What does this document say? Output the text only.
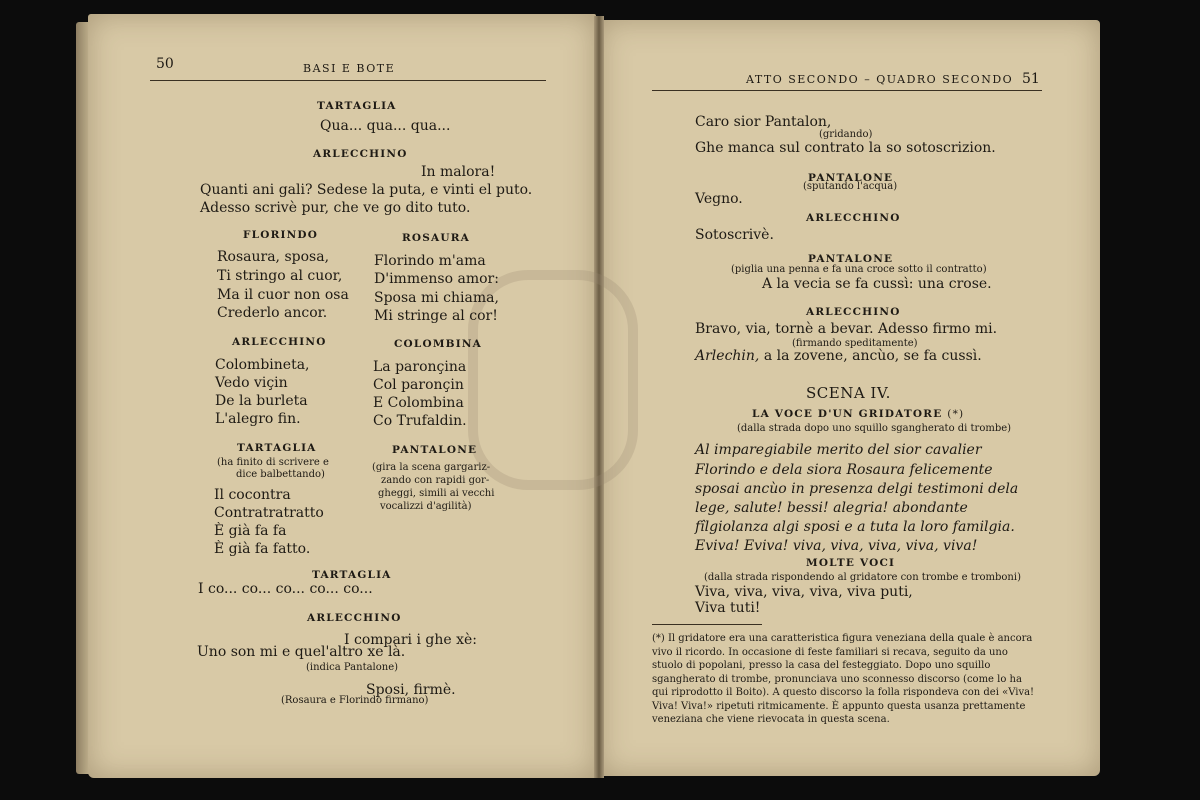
50	BASI E BOTE
TARTAGLIA
Qua... qua... qua...
ARLECCHINO
In malora!
Quanti ani gali? Sedese la puta, e vinti el puto.
Adesso scrivè pur, che ve go dito tuto.
FLORINDO
Rosaura, sposa,
Ti stringo al cuor,
Ma il cuor non osa
Crederlo ancor.
ROSAURA
Florindo m'ama
D'immenso amor:
Sposa mi chiama,
Mi stringe al cor!
ARLECCHINO
Colombineta,
Vedo viçin
De la burleta
L'alegro fin.
COLOMBINA
La paronçina
Col paronçin
E Colombina
Co Trufaldin.
TARTAGLIA
(ha finito di scrivere e
dice balbettando)
Il cocontra
Contratratratto
È già fa fa
È già fa fatto.
PANTALONE
(gira la scena gargariz-
zando con rapidi gor-
gheggi, simili ai vecchi
vocalizzi d'agilità)
TARTAGLIA
I co... co... co... co... co...
ARLECCHINO
I compari i ghe xè:
Uno son mi e quel'altro xe là.
(indica Pantalone)
Sposi, firmè.
(Rosaura e Florindo firmano)
ATTO SECONDO – QUADRO SECONDO 51
Caro sior Pantalon,
(gridando)
Ghe manca sul contrato la so sotoscrizion.
PANTALONE
(sputando l'acqua)
Vegno.
ARLECCHINO
Sotoscrivè.
PANTALONE
(piglia una penna e fa una croce sotto il contratto)
A la vecia se fa cussì: una crose.
ARLECCHINO
Bravo, via, tornè a bevar. Adesso firmo mi.
(firmando speditamente)
Arlechin, a la zovene, ancùo, se fa cussì.
SCENA IV.
LA VOCE D'UN GRIDATORE (*)
(dalla strada dopo uno squillo sgangherato di trombe)
Al imparegiabile merito del sior cavalier
Florindo e dela siora Rosaura felicemente
sposai ancùo in presenza delgi testimoni dela
lege, salute! bessi! alegria! abondante
fîlgiolanza algi sposi e a tuta la loro familgia.
Eviva! Eviva! viva, viva, viva, viva, viva!
MOLTE VOCI
(dalla strada rispondendo al gridatore con trombe e tromboni)
Viva, viva, viva, viva, viva puti,
Viva tuti!
(*) Il gridatore era una caratteristica figura veneziana della quale è ancora vivo il ricordo. In occasione di feste familiari si recava, seguito da uno stuolo di popolani, presso la casa del festeggiato. Dopo uno squillo sgangherato di trombe, pronunciava uno sconnesso discorso (come lo ha qui riprodotto il Boito). A questo discorso la folla rispondeva con dei «Viva! Viva! Viva!» ripetuti ritmicamente. È appunto questa usanza prettamente veneziana che viene rievocata in questa scena.
